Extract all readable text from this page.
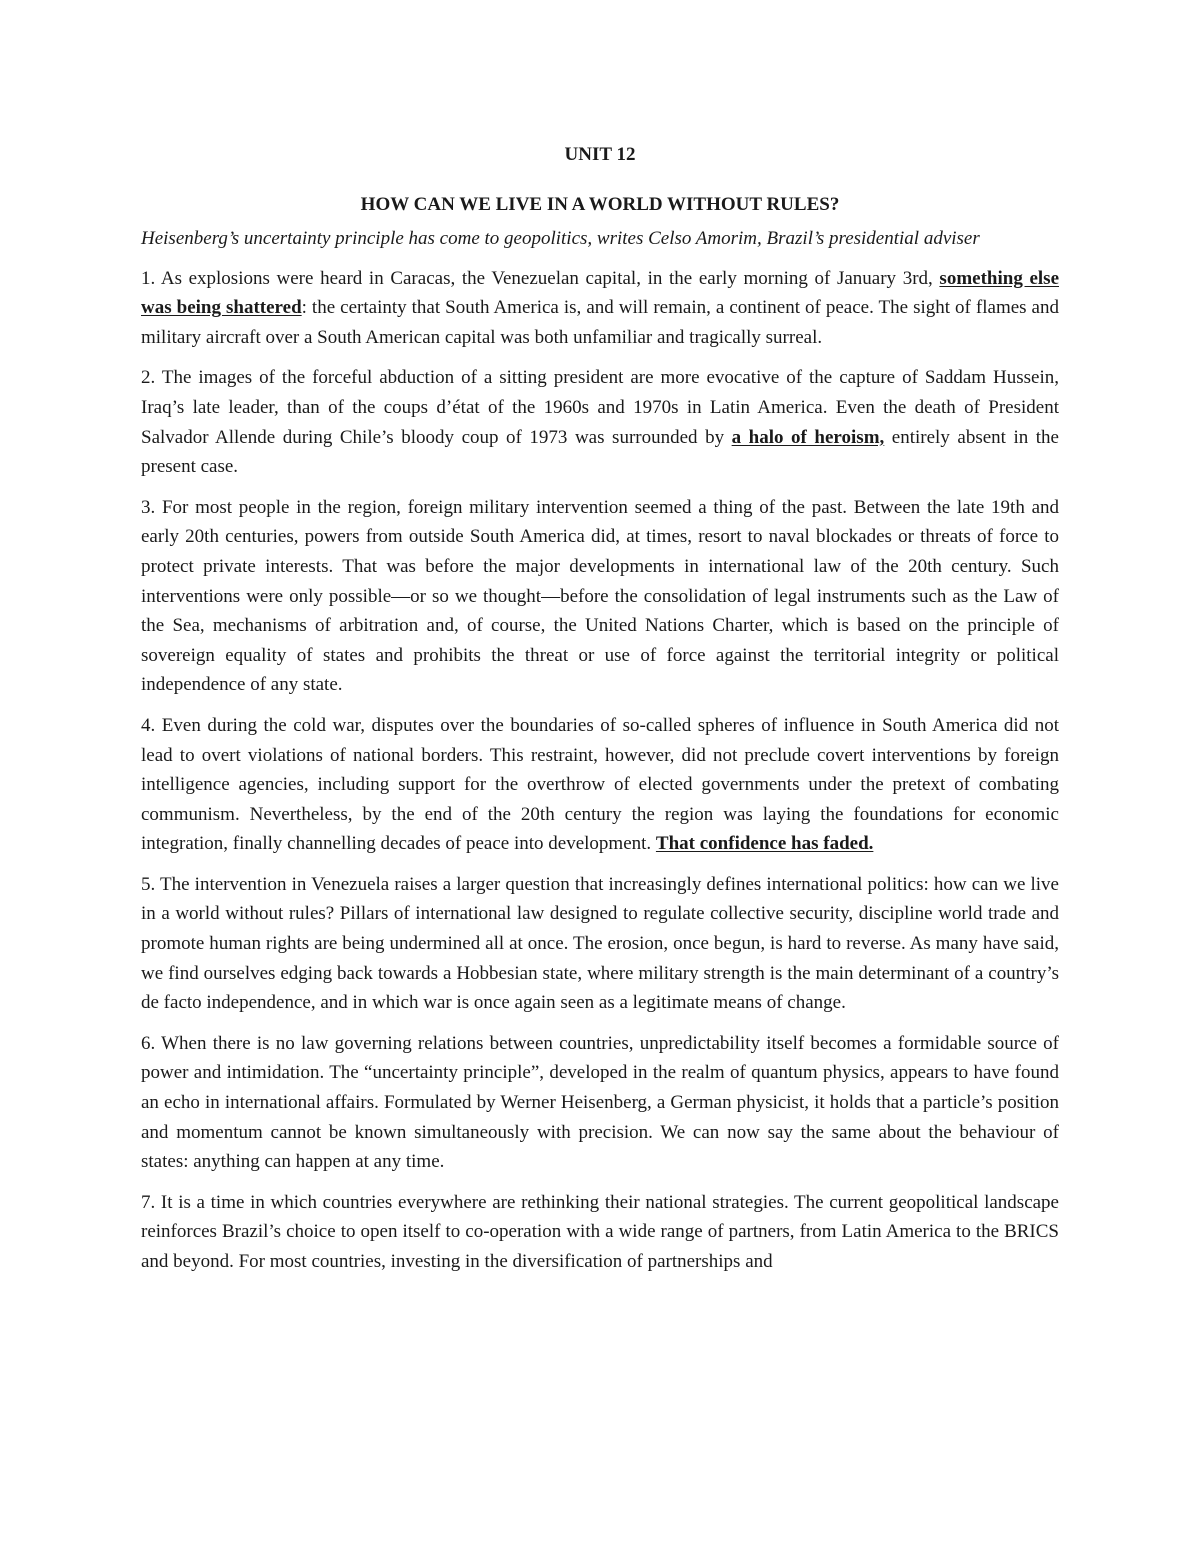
UNIT 12
HOW CAN WE LIVE IN A WORLD WITHOUT RULES?
Heisenberg’s uncertainty principle has come to geopolitics, writes Celso Amorim, Brazil’s presidential adviser

1. As explosions were heard in Caracas, the Venezuelan capital, in the early morning of January 3rd, something else was being shattered: the certainty that South America is, and will remain, a continent of peace. The sight of flames and military aircraft over a South American capital was both unfamiliar and tragically surreal.

2. The images of the forceful abduction of a sitting president are more evocative of the capture of Saddam Hussein, Iraq’s late leader, than of the coups d’état of the 1960s and 1970s in Latin America. Even the death of President Salvador Allende during Chile’s bloody coup of 1973 was surrounded by a halo of heroism, entirely absent in the present case.

3. For most people in the region, foreign military intervention seemed a thing of the past. Between the late 19th and early 20th centuries, powers from outside South America did, at times, resort to naval blockades or threats of force to protect private interests. That was before the major developments in international law of the 20th century. Such interventions were only possible—or so we thought—before the consolidation of legal instruments such as the Law of the Sea, mechanisms of arbitration and, of course, the United Nations Charter, which is based on the principle of sovereign equality of states and prohibits the threat or use of force against the territorial integrity or political independence of any state.

4. Even during the cold war, disputes over the boundaries of so-called spheres of influence in South America did not lead to overt violations of national borders. This restraint, however, did not preclude covert interventions by foreign intelligence agencies, including support for the overthrow of elected governments under the pretext of combating communism. Nevertheless, by the end of the 20th century the region was laying the foundations for economic integration, finally channelling decades of peace into development. That confidence has faded.

5. The intervention in Venezuela raises a larger question that increasingly defines international politics: how can we live in a world without rules? Pillars of international law designed to regulate collective security, discipline world trade and promote human rights are being undermined all at once. The erosion, once begun, is hard to reverse. As many have said, we find ourselves edging back towards a Hobbesian state, where military strength is the main determinant of a country’s de facto independence, and in which war is once again seen as a legitimate means of change.

6. When there is no law governing relations between countries, unpredictability itself becomes a formidable source of power and intimidation. The “uncertainty principle”, developed in the realm of quantum physics, appears to have found an echo in international affairs. Formulated by Werner Heisenberg, a German physicist, it holds that a particle’s position and momentum cannot be known simultaneously with precision. We can now say the same about the behaviour of states: anything can happen at any time.

7. It is a time in which countries everywhere are rethinking their national strategies. The current geopolitical landscape reinforces Brazil’s choice to open itself to co-operation with a wide range of partners, from Latin America to the BRICS and beyond. For most countries, investing in the diversification of partnerships and
